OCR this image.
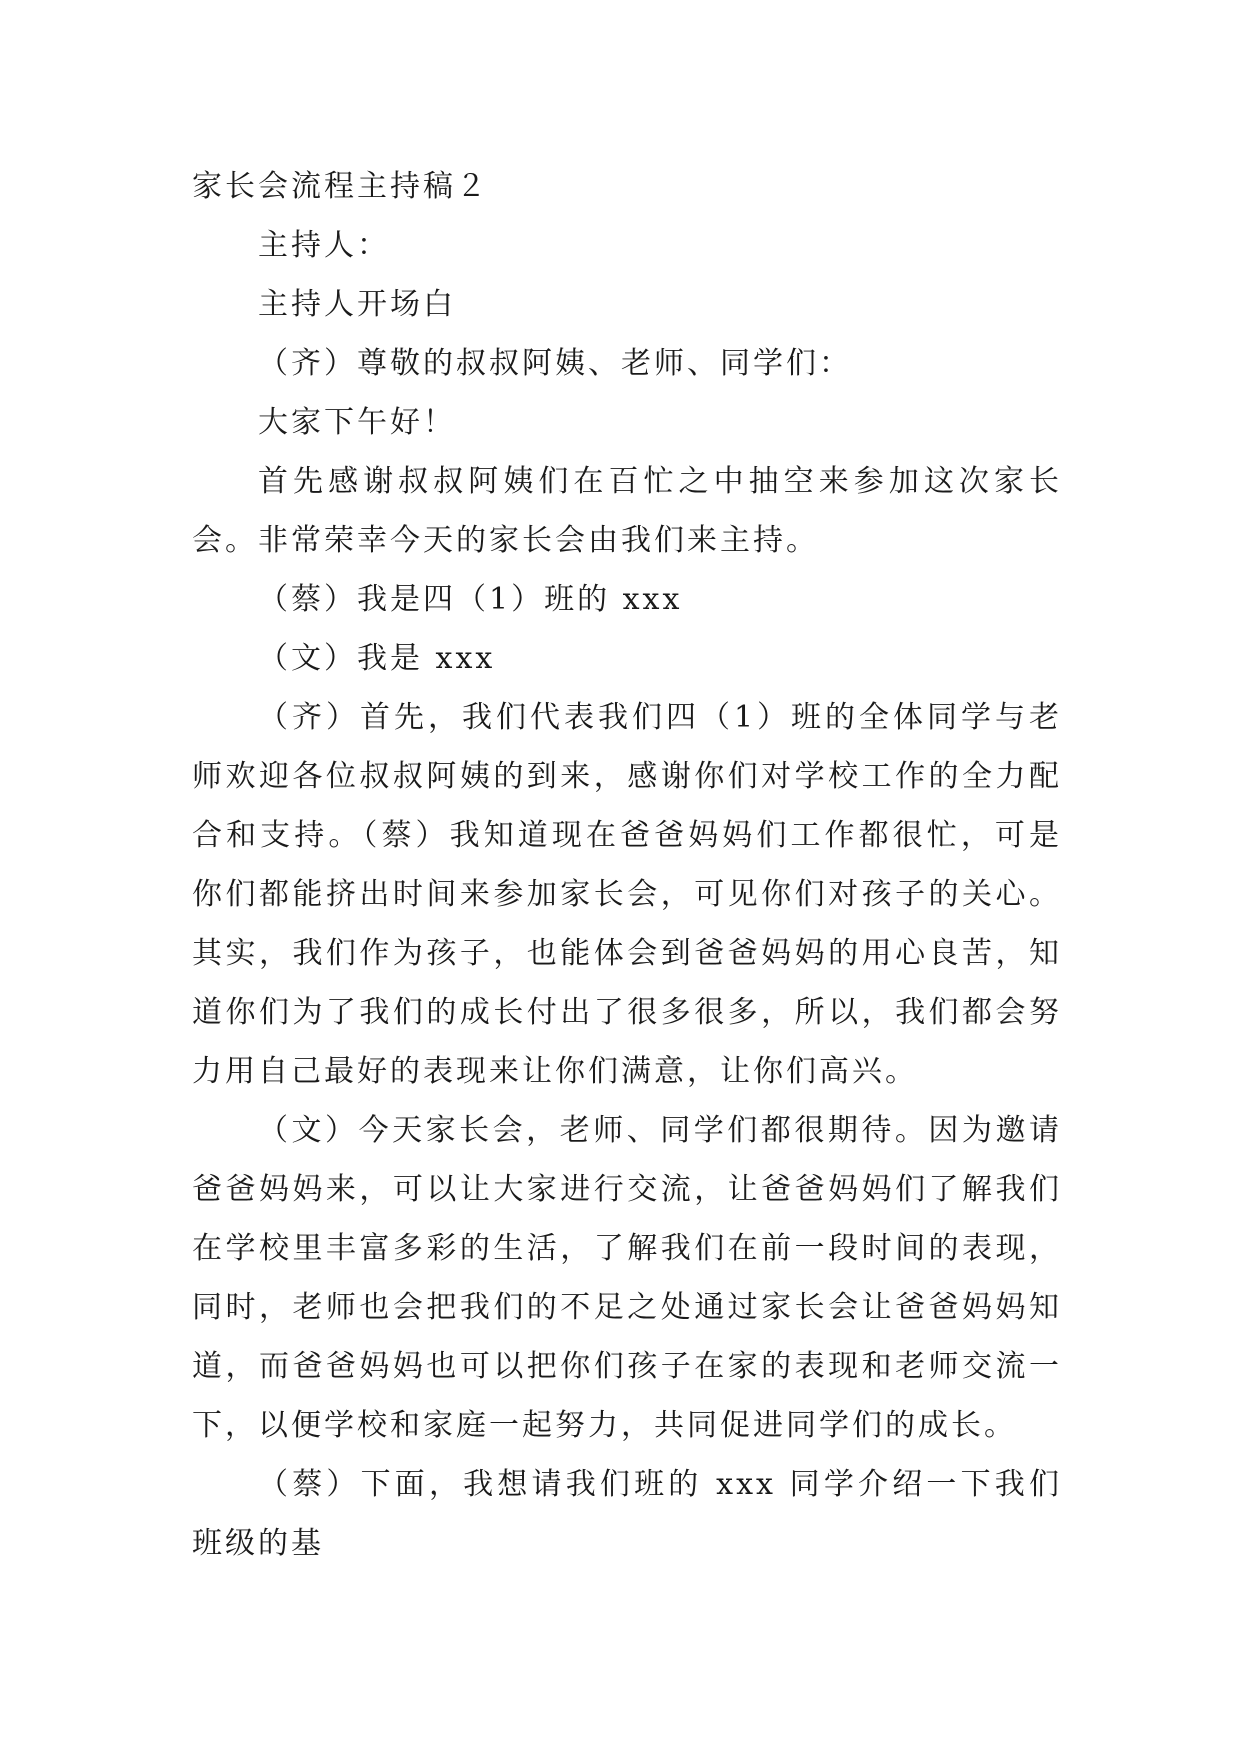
家长会流程主持稿２

主持人：

主持人开场白

（齐）尊敬的叔叔阿姨、老师、同学们：

大家下午好！

首先感谢叔叔阿姨们在百忙之中抽空来参加这次家长会。非常荣幸今天的家长会由我们来主持。

（蔡）我是四（1）班的 xxx

（文）我是 xxx

（齐）首先，我们代表我们四（1）班的全体同学与老师欢迎各位叔叔阿姨的到来，感谢你们对学校工作的全力配合和支持。（蔡）我知道现在爸爸妈妈们工作都很忙，可是你们都能挤出时间来参加家长会，可见你们对孩子的关心。其实，我们作为孩子，也能体会到爸爸妈妈的用心良苦，知道你们为了我们的成长付出了很多很多，所以，我们都会努力用自己最好的表现来让你们满意，让你们高兴。

（文）今天家长会，老师、同学们都很期待。因为邀请爸爸妈妈来，可以让大家进行交流，让爸爸妈妈们了解我们在学校里丰富多彩的生活，了解我们在前一段时间的表现，同时，老师也会把我们的不足之处通过家长会让爸爸妈妈知道，而爸爸妈妈也可以把你们孩子在家的表现和老师交流一下，以便学校和家庭一起努力，共同促进同学们的成长。

（蔡）下面，我想请我们班的 xxx 同学介绍一下我们班级的基
